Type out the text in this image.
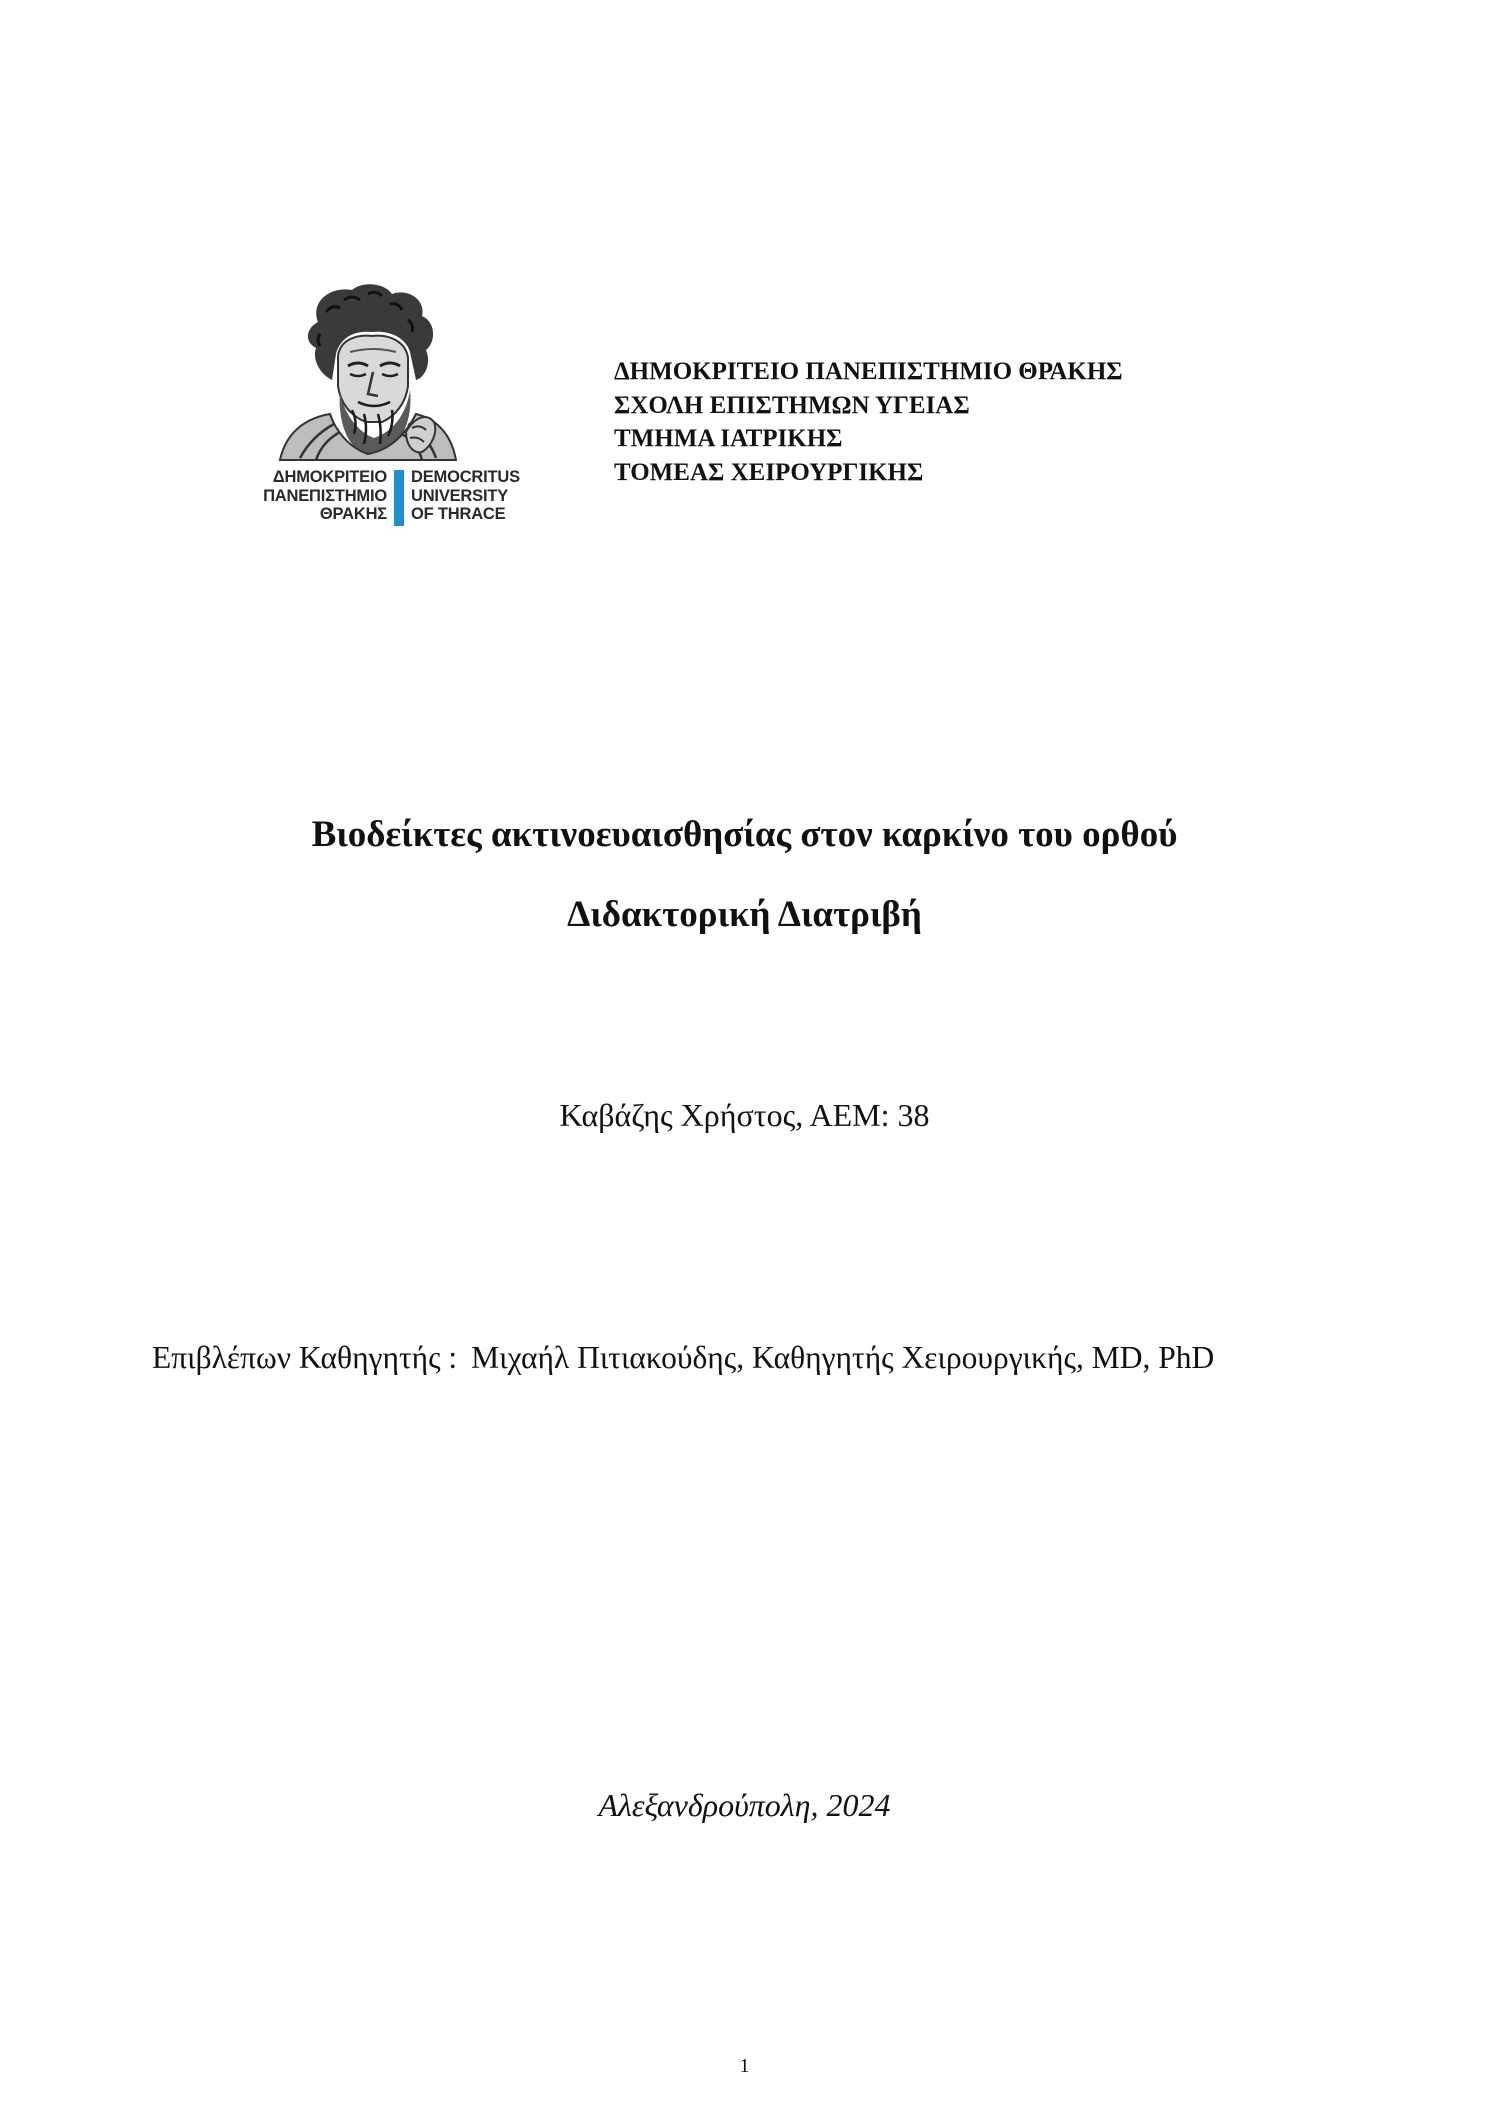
ΔΗΜΟΚΡΙΤΕΙΟ
ΠΑΝΕΠΙΣΤΗΜΙΟ
ΘΡΑΚΗΣ
DEMOCRITUS
UNIVERSITY
OF THRACE
ΔΗΜΟΚΡΙΤΕΙΟ ΠΑΝΕΠΙΣΤΗΜΙΟ ΘΡΑΚΗΣ
ΣΧΟΛΗ ΕΠΙΣΤΗΜΩΝ ΥΓΕΙΑΣ
ΤΜΗΜΑ ΙΑΤΡΙΚΗΣ
ΤΟΜΕΑΣ ΧΕΙΡΟΥΡΓΙΚΗΣ
Βιοδείκτες ακτινοευαισθησίας στον καρκίνο του ορθού
Διδακτορική Διατριβή
Καβάζης Χρήστος, ΑΕΜ: 38
Επιβλέπων Καθηγητής : Μιχαήλ Πιτιακούδης, Καθηγητής Χειρουργικής, MD, PhD
Αλεξανδρούπολη, 2024
1
